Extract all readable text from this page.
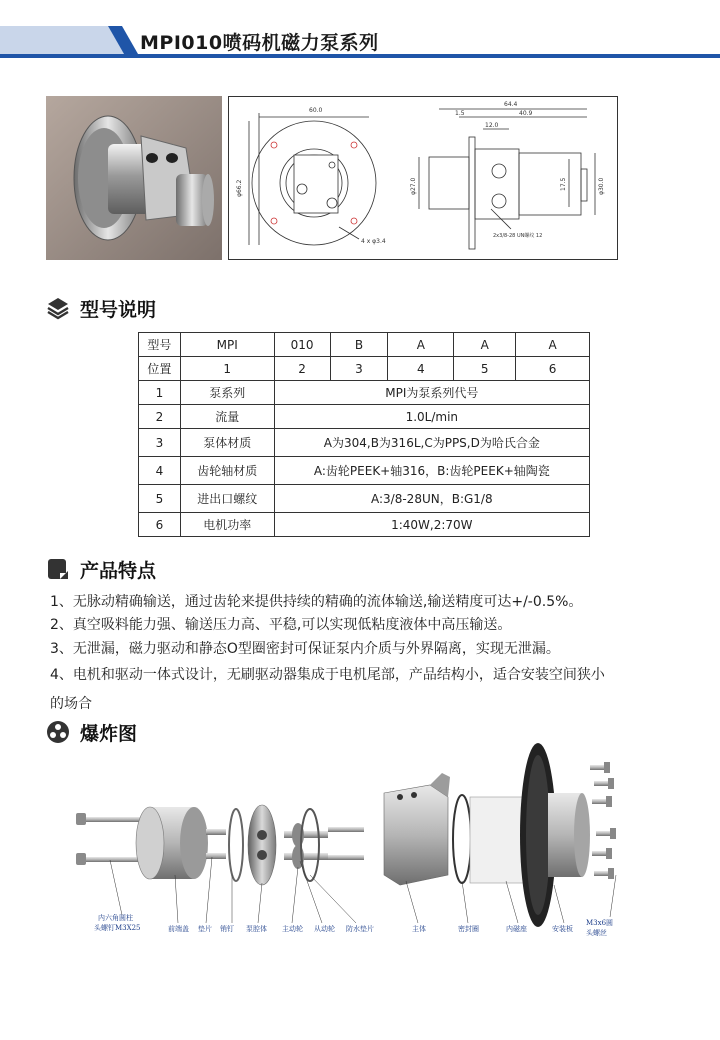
MPI010喷码机磁力泵系列
60.0
4 x φ3.4
φ66.2
64.4
1.5	40.9
12.0
φ27.0	17.5	φ30.0
2x3/8-28 UN螺纹 12
型号说明
型号	MPI	010	B	A	A	A
位置	1	2	3	4	5	6
1	泵系列	MPI为泵系列代号				
2	流量	1.0L/min				
3	泵体材质	A为304,B为316L,C为PPS,D为哈氏合金				
4	齿轮轴材质	A:齿轮PEEK+轴316，B:齿轮PEEK+轴陶瓷				
5	进出口螺纹	A:3/8-28UN，B:G1/8				
6	电机功率	1:40W,2:70W				
产品特点
1、无脉动精确输送，通过齿轮来提供持续的精确的流体输送,输送精度可达+/-0.5%。
2、真空吸料能力强、输送压力高、平稳,可以实现低粘度液体中高压输送。
3、无泄漏，磁力驱动和静态O型圈密封可保证泵内介质与外界隔离，实现无泄漏。
4、电机和驱动一体式设计，无刷驱动器集成于电机尾部，产品结构小，适合安装空间狭小
的场合
爆炸图
内六角圆柱
头螺钉M3X25	前端盖 垫片 销钉 泵腔体 主动轮 从动轮 防水垫片	主体	密封圈	内磁座	安装板
M3x6圆
头螺丝
